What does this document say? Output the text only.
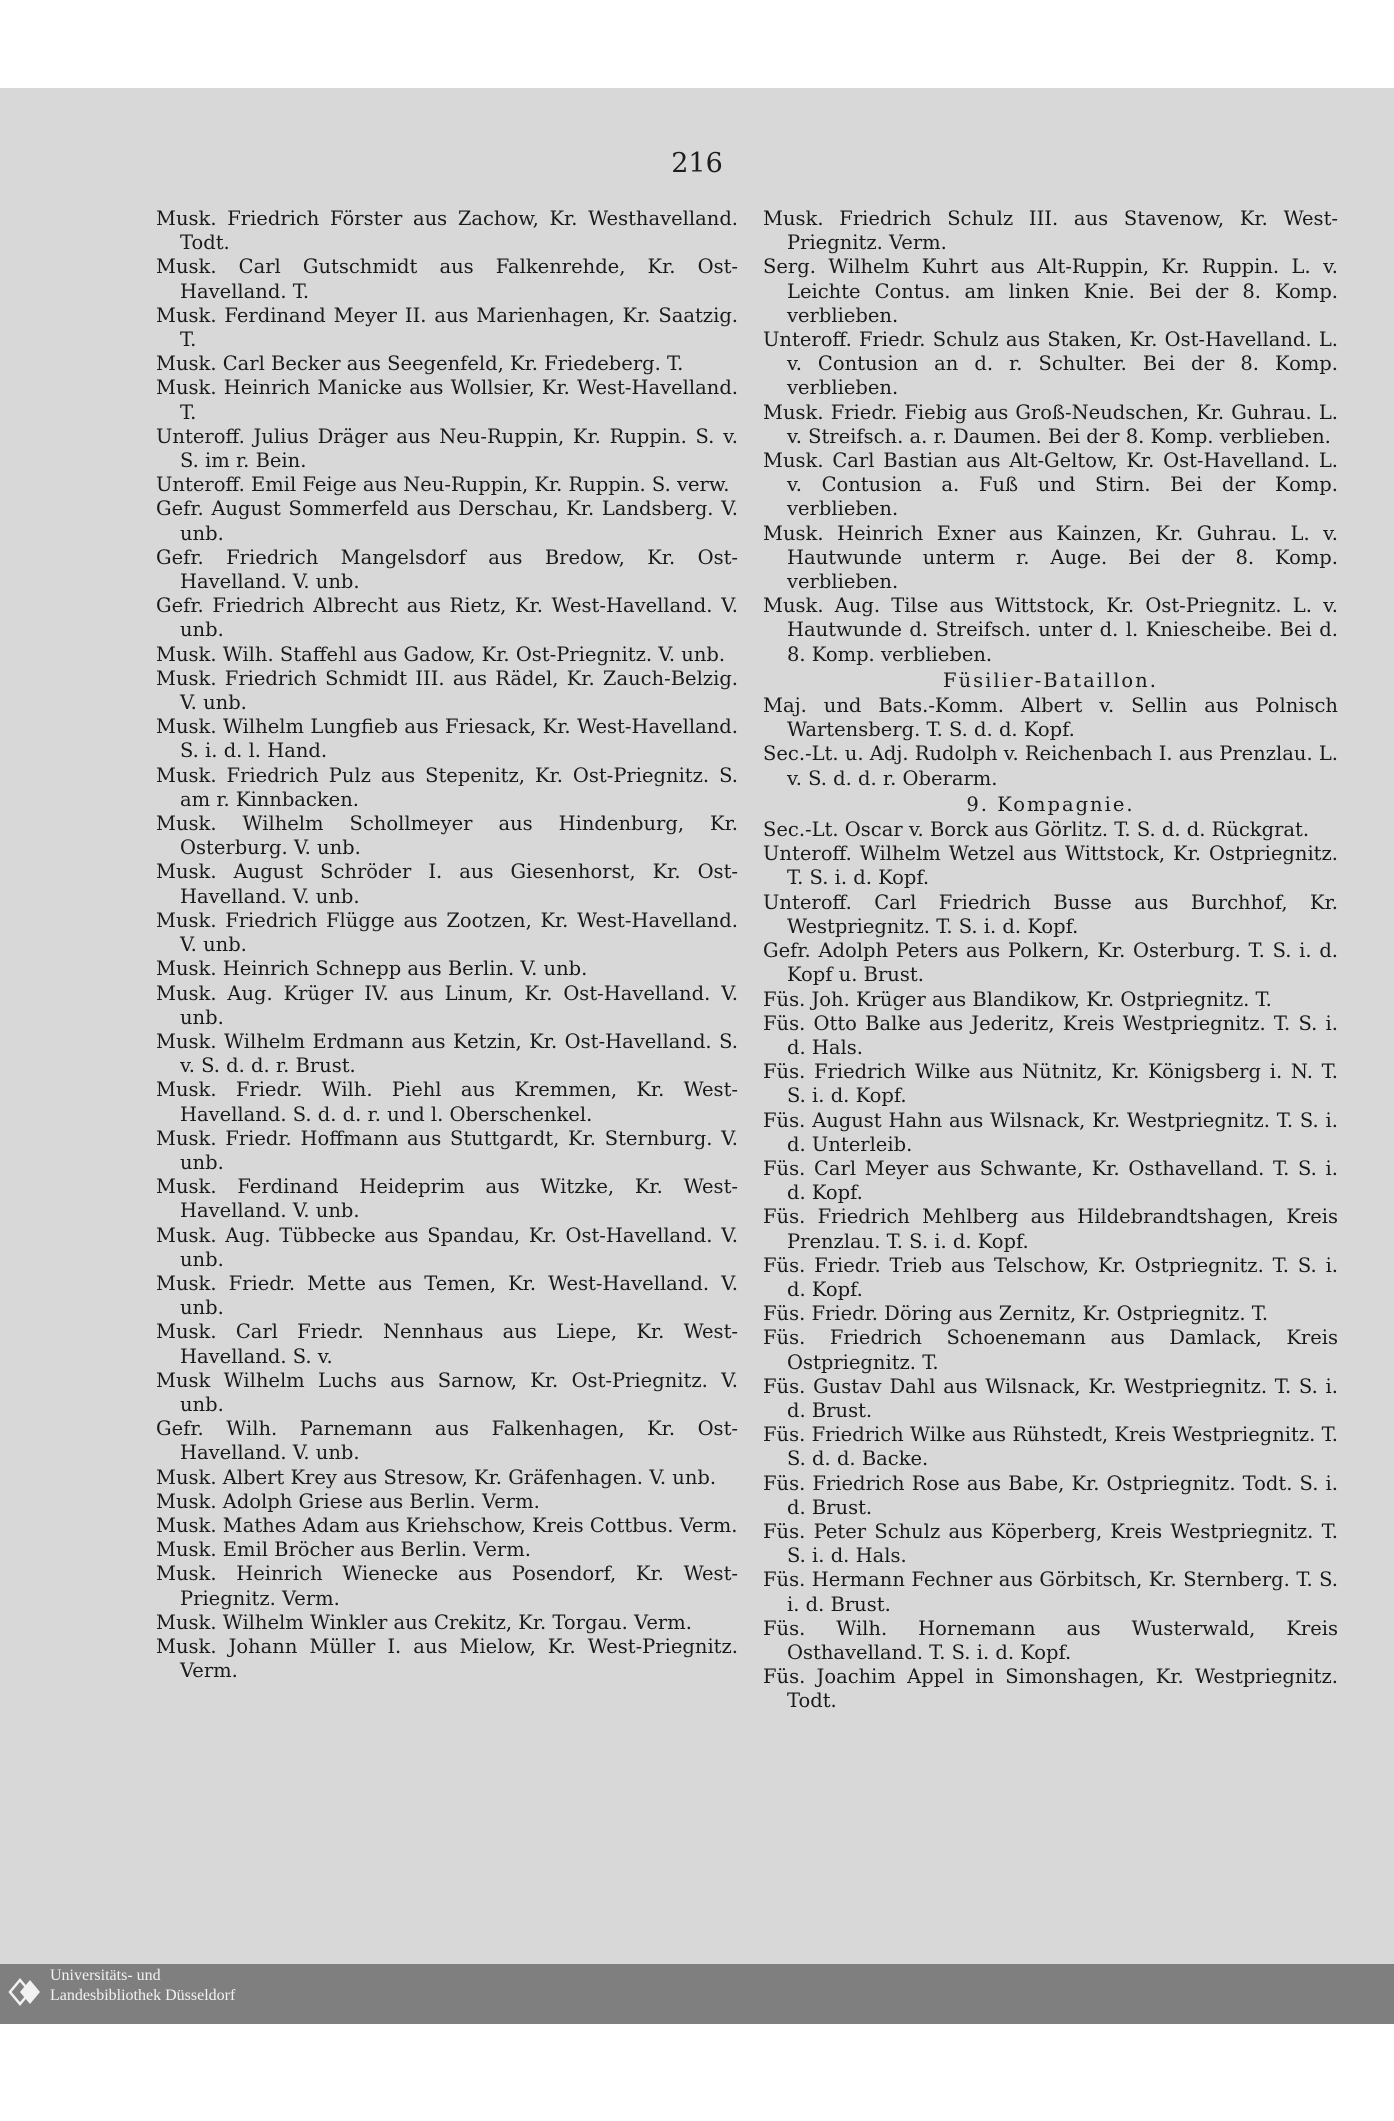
216

Musk. Friedrich Förster aus Zachow, Kr. Westhavelland. Todt.

Musk. Carl Gutschmidt aus Falkenrehde, Kr. Ost-Havelland. T.

Musk. Ferdinand Meyer II. aus Marienhagen, Kr. Saatzig. T.

Musk. Carl Becker aus Seegenfeld, Kr. Friedeberg. T.

Musk. Heinrich Manicke aus Wollsier, Kr. West-Havelland. T.

Unteroff. Julius Dräger aus Neu-Ruppin, Kr. Ruppin. S. v. S. im r. Bein.

Unteroff. Emil Feige aus Neu-Ruppin, Kr. Ruppin. S. verw.

Gefr. August Sommerfeld aus Derschau, Kr. Landsberg. V. unb.

Gefr. Friedrich Mangelsdorf aus Bredow, Kr. Ost-Havelland. V. unb.

Gefr. Friedrich Albrecht aus Rietz, Kr. West-Havelland. V. unb.

Musk. Wilh. Staffehl aus Gadow, Kr. Ost-Priegnitz. V. unb.

Musk. Friedrich Schmidt III. aus Rädel, Kr. Zauch-Belzig. V. unb.

Musk. Wilhelm Lungfieb aus Friesack, Kr. West-Havelland. S. i. d. l. Hand.

Musk. Friedrich Pulz aus Stepenitz, Kr. Ost-Priegnitz. S. am r. Kinnbacken.

Musk. Wilhelm Schollmeyer aus Hindenburg, Kr. Osterburg. V. unb.

Musk. August Schröder I. aus Giesenhorst, Kr. Ost-Havelland. V. unb.

Musk. Friedrich Flügge aus Zootzen, Kr. West-Havelland. V. unb.

Musk. Heinrich Schnepp aus Berlin. V. unb.

Musk. Aug. Krüger IV. aus Linum, Kr. Ost-Havelland. V. unb.

Musk. Wilhelm Erdmann aus Ketzin, Kr. Ost-Havelland. S. v. S. d. d. r. Brust.

Musk. Friedr. Wilh. Piehl aus Kremmen, Kr. West-Havelland. S. d. d. r. und l. Oberschenkel.

Musk. Friedr. Hoffmann aus Stuttgardt, Kr. Sternburg. V. unb.

Musk. Ferdinand Heideprim aus Witzke, Kr. West-Havelland. V. unb.

Musk. Aug. Tübbecke aus Spandau, Kr. Ost-Havelland. V. unb.

Musk. Friedr. Mette aus Temen, Kr. West-Havelland. V. unb.

Musk. Carl Friedr. Nennhaus aus Liepe, Kr. West-Havelland. S. v.

Musk Wilhelm Luchs aus Sarnow, Kr. Ost-Priegnitz. V. unb.

Gefr. Wilh. Parnemann aus Falkenhagen, Kr. Ost-Havelland. V. unb.

Musk. Albert Krey aus Stresow, Kr. Gräfenhagen. V. unb.

Musk. Adolph Griese aus Berlin. Verm.

Musk. Mathes Adam aus Kriehschow, Kreis Cottbus. Verm.

Musk. Emil Bröcher aus Berlin. Verm.

Musk. Heinrich Wienecke aus Posendorf, Kr. West-Priegnitz. Verm.

Musk. Wilhelm Winkler aus Crekitz, Kr. Torgau. Verm.

Musk. Johann Müller I. aus Mielow, Kr. West-Priegnitz. Verm.

Musk. Friedrich Schulz III. aus Stavenow, Kr. West-Priegnitz. Verm.

Serg. Wilhelm Kuhrt aus Alt-Ruppin, Kr. Ruppin. L. v. Leichte Contus. am linken Knie. Bei der 8. Komp. verblieben.

Unteroff. Friedr. Schulz aus Staken, Kr. Ost-Havelland. L. v. Contusion an d. r. Schulter. Bei der 8. Komp. verblieben.

Musk. Friedr. Fiebig aus Groß-Neudschen, Kr. Guhrau. L. v. Streifsch. a. r. Daumen. Bei der 8. Komp. verblieben.

Musk. Carl Bastian aus Alt-Geltow, Kr. Ost-Havelland. L. v. Contusion a. Fuß und Stirn. Bei der Komp. verblieben.

Musk. Heinrich Exner aus Kainzen, Kr. Guhrau. L. v. Hautwunde unterm r. Auge. Bei der 8. Komp. verblieben.

Musk. Aug. Tilse aus Wittstock, Kr. Ost-Priegnitz. L. v. Hautwunde d. Streifsch. unter d. l. Kniescheibe. Bei d. 8. Komp. verblieben.

Füsilier-Bataillon.

Maj. und Bats.-Komm. Albert v. Sellin aus Polnisch Wartensberg. T. S. d. d. Kopf.

Sec.-Lt. u. Adj. Rudolph v. Reichenbach I. aus Prenzlau. L. v. S. d. d. r. Oberarm.

9. Kompagnie.

Sec.-Lt. Oscar v. Borck aus Görlitz. T. S. d. d. Rückgrat.

Unteroff. Wilhelm Wetzel aus Wittstock, Kr. Ostpriegnitz. T. S. i. d. Kopf.

Unteroff. Carl Friedrich Busse aus Burchhof, Kr. Westpriegnitz. T. S. i. d. Kopf.

Gefr. Adolph Peters aus Polkern, Kr. Osterburg. T. S. i. d. Kopf u. Brust.

Füs. Joh. Krüger aus Blandikow, Kr. Ostpriegnitz. T.

Füs. Otto Balke aus Jederitz, Kreis Westpriegnitz. T. S. i. d. Hals.

Füs. Friedrich Wilke aus Nütnitz, Kr. Königsberg i. N. T. S. i. d. Kopf.

Füs. August Hahn aus Wilsnack, Kr. Westpriegnitz. T. S. i. d. Unterleib.

Füs. Carl Meyer aus Schwante, Kr. Osthavelland. T. S. i. d. Kopf.

Füs. Friedrich Mehlberg aus Hildebrandtshagen, Kreis Prenzlau. T. S. i. d. Kopf.

Füs. Friedr. Trieb aus Telschow, Kr. Ostpriegnitz. T. S. i. d. Kopf.

Füs. Friedr. Döring aus Zernitz, Kr. Ostpriegnitz. T.

Füs. Friedrich Schoenemann aus Damlack, Kreis Ostpriegnitz. T.

Füs. Gustav Dahl aus Wilsnack, Kr. Westpriegnitz. T. S. i. d. Brust.

Füs. Friedrich Wilke aus Rühstedt, Kreis Westpriegnitz. T. S. d. d. Backe.

Füs. Friedrich Rose aus Babe, Kr. Ostpriegnitz. Todt. S. i. d. Brust.

Füs. Peter Schulz aus Köperberg, Kreis Westpriegnitz. T. S. i. d. Hals.

Füs. Hermann Fechner aus Görbitsch, Kr. Sternberg. T. S. i. d. Brust.

Füs. Wilh. Hornemann aus Wusterwald, Kreis Osthavelland. T. S. i. d. Kopf.

Füs. Joachim Appel in Simonshagen, Kr. Westpriegnitz. Todt.

Universitäts- und
Landesbibliothek Düsseldorf
